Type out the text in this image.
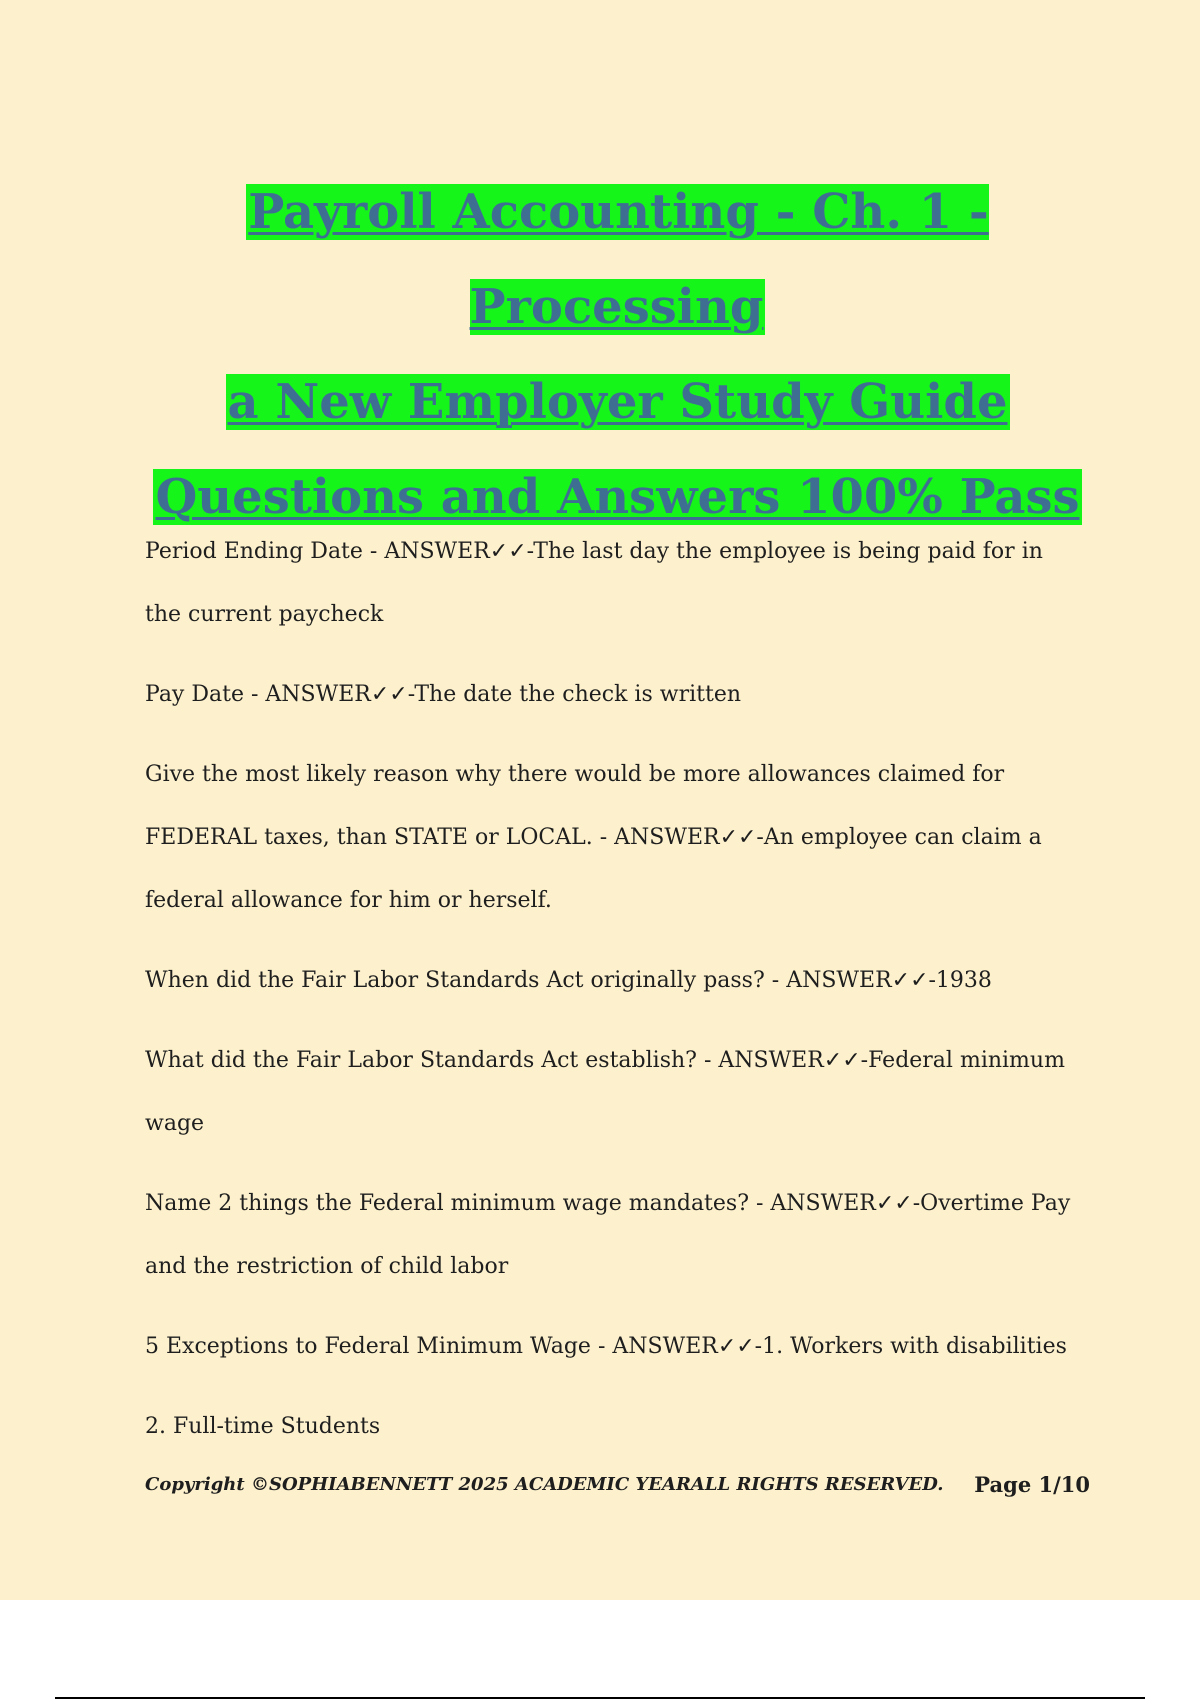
Payroll Accounting - Ch. 1 - Processing
a New Employer Study Guide
Questions and Answers 100% Pass

Period Ending Date - ANSWER✓✓-The last day the employee is being paid for in the current paycheck

Pay Date - ANSWER✓✓-The date the check is written

Give the most likely reason why there would be more allowances claimed for FEDERAL taxes, than STATE or LOCAL. - ANSWER✓✓-An employee can claim a federal allowance for him or herself.

When did the Fair Labor Standards Act originally pass? - ANSWER✓✓-1938

What did the Fair Labor Standards Act establish? - ANSWER✓✓-Federal minimum wage

Name 2 things the Federal minimum wage mandates? - ANSWER✓✓-Overtime Pay and the restriction of child labor

5 Exceptions to Federal Minimum Wage - ANSWER✓✓-1. Workers with disabilities

2. Full-time Students

Copyright ©SOPHIABENNETT 2025 ACADEMIC YEARALL RIGHTS RESERVED. Page 1/10
